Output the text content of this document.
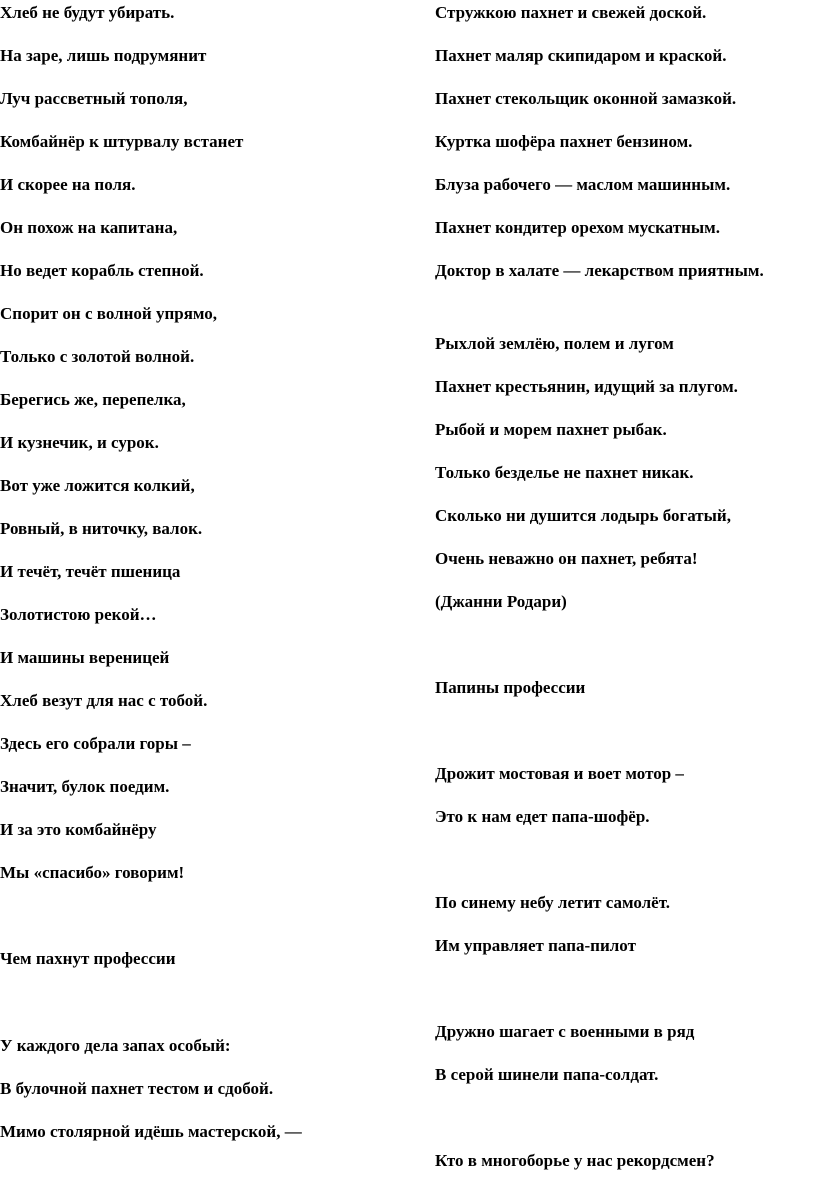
Хлеб не будут убирать.
На заре, лишь подрумянит
Луч рассветный тополя,
Комбайнёр к штурвалу встанет
И скорее на поля.
Он похож на капитана,
Но ведет корабль степной.
Спорит он с волной упрямо,
Только с золотой волной.
Берегись же, перепелка,
И кузнечик, и сурок.
Вот уже ложится колкий,
Ровный, в ниточку, валок.
И течёт, течёт пшеница
Золотистою рекой…
И машины вереницей
Хлеб везут для нас с тобой.
Здесь его собрали горы –
Значит, булок поедим.
И за это комбайнёру
Мы «спасибо» говорим!
Чем пахнут профессии
У каждого дела запах особый:
В булочной пахнет тестом и сдобой.
Мимо столярной идёшь мастерской, —
Стружкою пахнет и свежей доской.
Пахнет маляр скипидаром и краской.
Пахнет стекольщик оконной замазкой.
Куртка шофёра пахнет бензином.
Блуза рабочего — маслом машинным.
Пахнет кондитер орехом мускатным.
Доктор в халате — лекарством приятным.
Рыхлой землёю, полем и лугом
Пахнет крестьянин, идущий за плугом.
Рыбой и морем пахнет рыбак.
Только безделье не пахнет никак.
Сколько ни душится лодырь богатый,
Очень неважно он пахнет, ребята!
(Джанни Родари)
Папины профессии
Дрожит мостовая и воет мотор –
Это к нам едет папа-шофёр.
По синему небу летит самолёт.
Им управляет папа-пилот
Дружно шагает с военными в ряд
В серой шинели папа-солдат.
Кто в многоборье у нас рекордсмен?
